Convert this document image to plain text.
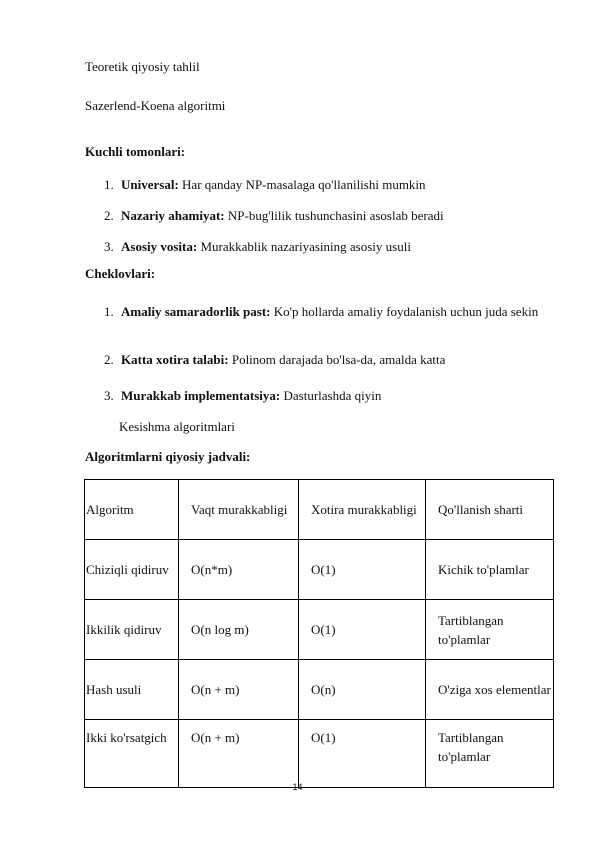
Teoretik qiyosiy tahlil
Sazerlend-Koena algoritmi
Kuchli tomonlari:
1. Universal: Har qanday NP-masalaga qo'llanilishi mumkin
2. Nazariy ahamiyat: NP-bug'lilik tushunchasini asoslab beradi
3. Asosiy vosita: Murakkablik nazariyasining asosiy usuli
Cheklovlari:
1. Amaliy samaradorlik past: Ko'p hollarda amaliy foydalanish uchun juda sekin
2. Katta xotira talabi: Polinom darajada bo'lsa-da, amalda katta
3. Murakkab implementatsiya: Dasturlashda qiyin
Kesishma algoritmlari
Algoritmlarni qiyosiy jadvali:
Algoritm	Vaqt murakkabligi	Xotira murakkabligi	Qo'llanish sharti
Chiziqli qidiruv	O(n*m)	O(1)	Kichik to'plamlar
Ikkilik qidiruv	O(n log m)	O(1)	Tartiblangan to'plamlar
Hash usuli	O(n + m)	O(n)	O'ziga xos elementlar
Ikki ko'rsatgich	O(n + m)	O(1)	Tartiblangan to'plamlar
14
